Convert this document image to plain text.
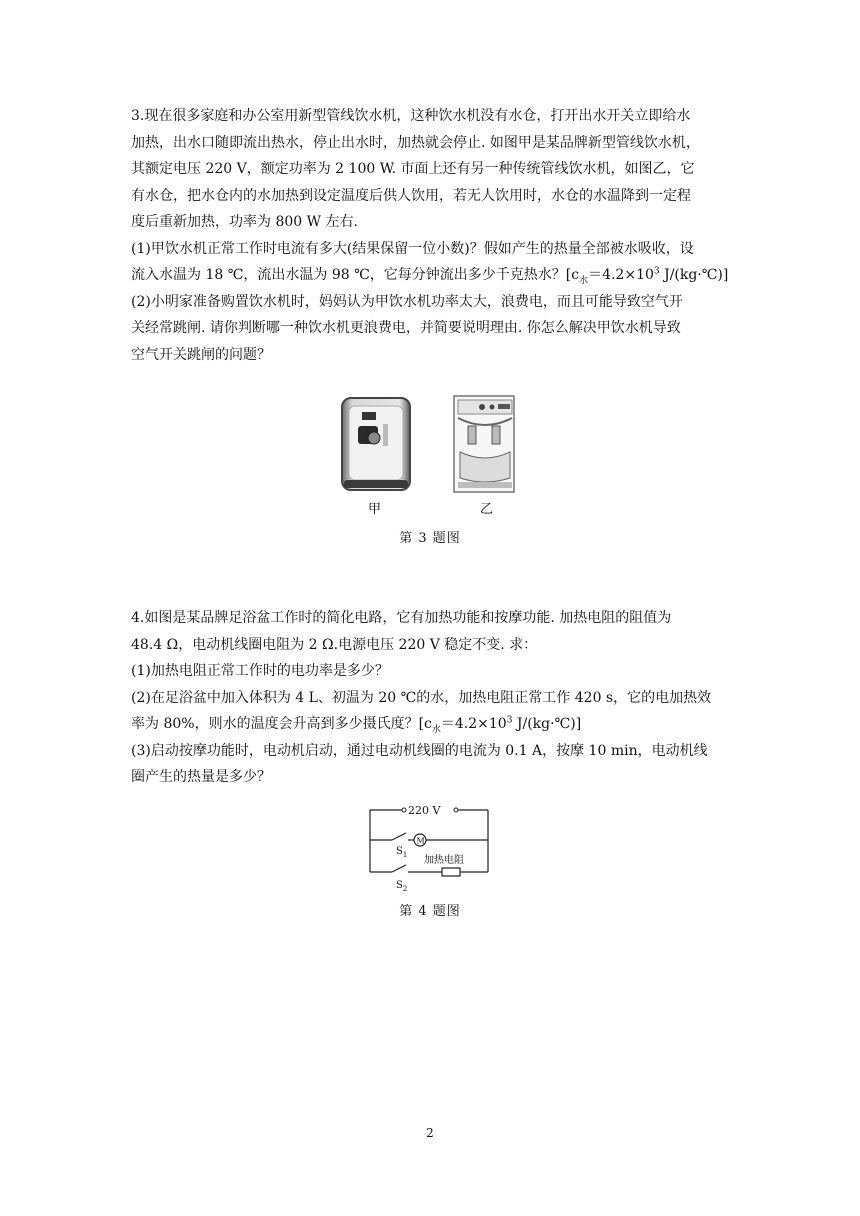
3.现在很多家庭和办公室用新型管线饮水机，这种饮水机没有水仓，打开出水开关立即给水
加热，出水口随即流出热水，停止出水时，加热就会停止. 如图甲是某品牌新型管线饮水机，
其额定电压 220 V，额定功率为 2 100 W. 市面上还有另一种传统管线饮水机，如图乙，它
有水仓，把水仓内的水加热到设定温度后供人饮用，若无人饮用时，水仓的水温降到一定程
度后重新加热，功率为 800 W 左右.
(1)甲饮水机正常工作时电流有多大(结果保留一位小数)？假如产生的热量全部被水吸收，设
流入水温为 18 ℃，流出水温为 98 ℃，它每分钟流出多少千克热水？[$c_水=4.2\times 10^3$ J/(kg·℃)]
(2)小明家准备购置饮水机时，妈妈认为甲饮水机功率太大，浪费电，而且可能导致空气开
关经常跳闸. 请你判断哪一种饮水机更浪费电，并简要说明理由. 你怎么解决甲饮水机导致
空气开关跳闸的问题？
甲	乙
第 3 题图
4.如图是某品牌足浴盆工作时的简化电路，它有加热功能和按摩功能. 加热电阻的阻值为
48.4 Ω，电动机线圈电阻为 2 Ω.电源电压 220 V 稳定不变. 求：
(1)加热电阻正常工作时的电功率是多少？
(2)在足浴盆中加入体积为 4 L、初温为 20 ℃的水，加热电阻正常工作 420 s，它的电加热效
率为 80%，则水的温度会升高到多少摄氏度？[$c_水=4.2\times 10^3$ J/(kg·℃)]
(3)启动按摩功能时，电动机启动，通过电动机线圈的电流为 0.1 A，按摩 10 min，电动机线
圈产生的热量是多少？
220 V
M
$S_1$ 加热电阻
$S_2$
第 4 题图
2
